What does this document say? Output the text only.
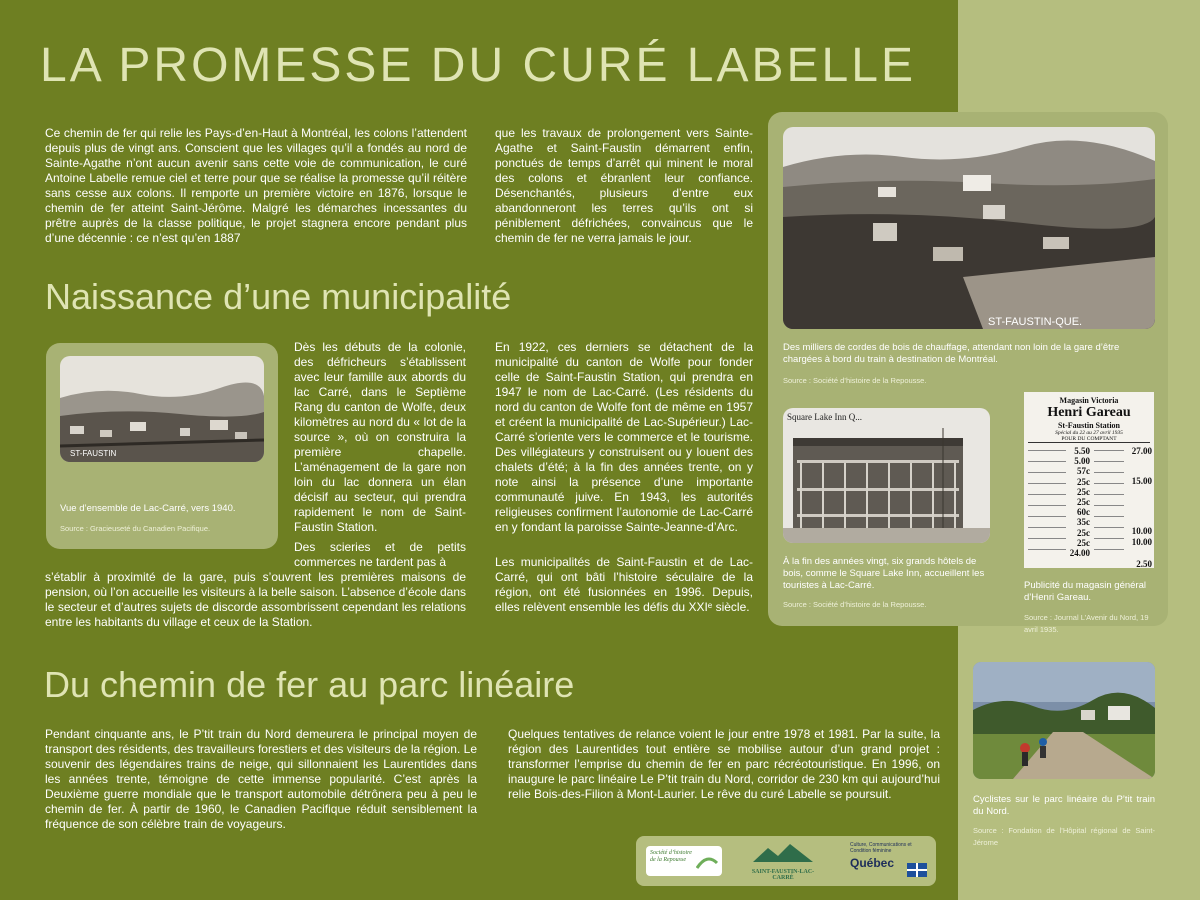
LA PROMESSE DU CURÉ LABELLE

Ce chemin de fer qui relie les Pays-d’en-Haut à Montréal, les colons l’attendent depuis plus de vingt ans. Conscient que les villages qu’il a fondés au nord de Sainte-Agathe n’ont aucun avenir sans cette voie de communication, le curé Antoine Labelle remue ciel et terre pour que se réalise la promesse qu’il réitère sans cesse aux colons. Il remporte un première victoire en 1876, lorsque le chemin de fer atteint Saint-Jérôme. Malgré les démarches incessantes du prêtre auprès de la classe politique, le projet stagnera encore pendant plus d’une décennie : ce n’est qu’en 1887

que les travaux de prolongement vers Sainte-Agathe et Saint-Faustin démarrent enfin, ponctués de temps d’arrêt qui minent le moral des colons et ébranlent leur confiance. Désenchantés, plusieurs d’entre eux abandonneront les terres qu’ils ont si péniblement défrichées, convaincus que le chemin de fer ne verra jamais le jour.

Naissance d’une municipalité
ST-FAUSTIN
Vue d’ensemble de Lac-Carré, vers 1940.
Source : Gracieuseté du Canadien Pacifique.

Dès les débuts de la colonie, des défricheurs s’établissent avec leur famille aux abords du lac Carré, dans le Septième Rang du canton de Wolfe, deux kilomètres au nord du « lot de la source », où on construira la première chapelle. L’aménagement de la gare non loin du lac donnera un élan décisif au secteur, qui prendra rapidement le nom de Saint-Faustin Station.

Des scieries et de petits commerces ne tardent pas à

s’établir à proximité de la gare, puis s’ouvrent les premières maisons de pension, où l’on accueille les visiteurs à la belle saison. L’absence d’école dans le secteur et d’autres sujets de discorde assombrissent cependant les relations entre les habitants du village et ceux de la Station.

En 1922, ces derniers se détachent de la municipalité du canton de Wolfe pour fonder celle de Saint-Faustin Station, qui prendra en 1947 le nom de Lac-Carré. (Les résidents du nord du canton de Wolfe font de même en 1957 et créent la municipalité de Lac-Supérieur.) Lac-Carré s’oriente vers le commerce et le tourisme. Des villégiateurs y construisent ou y louent des chalets d’été; à la fin des années trente, on y note ainsi la présence d’une importante communauté juive. En 1943, les autorités religieuses confirment l’autonomie de Lac-Carré en y fondant la paroisse Sainte-Jeanne-d’Arc.

Les municipalités de Saint-Faustin et de Lac-Carré, qui ont bâti l’histoire séculaire de la région, ont été fusionnées en 1996. Depuis, elles relèvent ensemble les défis du XXIᵉ siècle.

ST-FAUSTIN-QUE.
Des milliers de cordes de bois de chauffage, attendant non loin de la gare d’être chargées à bord du train à destination de Montréal.
Source : Société d’histoire de la Repousse.
Square Lake Inn Q...
À la fin des années vingt, six grands hôtels de bois, comme le Square Lake Inn, accueillent les touristes à Lac-Carré.
Source : Société d’histoire de la Repousse.
Magasin Victoria
Henri Gareau
St-Faustin Station
Spécial du 22 au 27 avril 1935
POUR DU COMPTANT
5.50
5.00
57c
25c
25c
25c
60c
35c
25c
25c
24.00
27.00
15.00
10.00
10.00
2.50
Publicité du magasin général d’Henri Gareau.
Source : Journal L’Avenir du Nord, 19 avril 1935.
Du chemin de fer au parc linéaire

Pendant cinquante ans, le P’tit train du Nord demeurera le principal moyen de transport des résidents, des travailleurs forestiers et des visiteurs de la région. Le souvenir des légendaires trains de neige, qui sillonnaient les Laurentides dans les années trente, témoigne de cette immense popularité. C’est après la Deuxième guerre mondiale que le transport automobile détrônera peu à peu le chemin de fer. À partir de 1960, le Canadien Pacifique réduit sensiblement la fréquence de son célèbre train de voyageurs.

Quelques tentatives de relance voient le jour entre 1978 et 1981. Par la suite, la région des Laurentides tout entière se mobilise autour d’un grand projet : transformer l’emprise du chemin de fer en parc récréotouristique. En 1996, on inaugure le parc linéaire Le P’tit train du Nord, corridor de 230 km qui aujourd’hui relie Bois-des-Filion à Mont-Laurier. Le rêve du curé Labelle se poursuit.	Cyclistes sur le parc linéaire du P’tit train du Nord.
Source : Fondation de l’Hôpital régional de Saint-Jérome
Société d’histoire de la Repousse
SAINT-FAUSTIN-LAC-CARRÉ
Culture, Communications et Condition féminine
Québec
